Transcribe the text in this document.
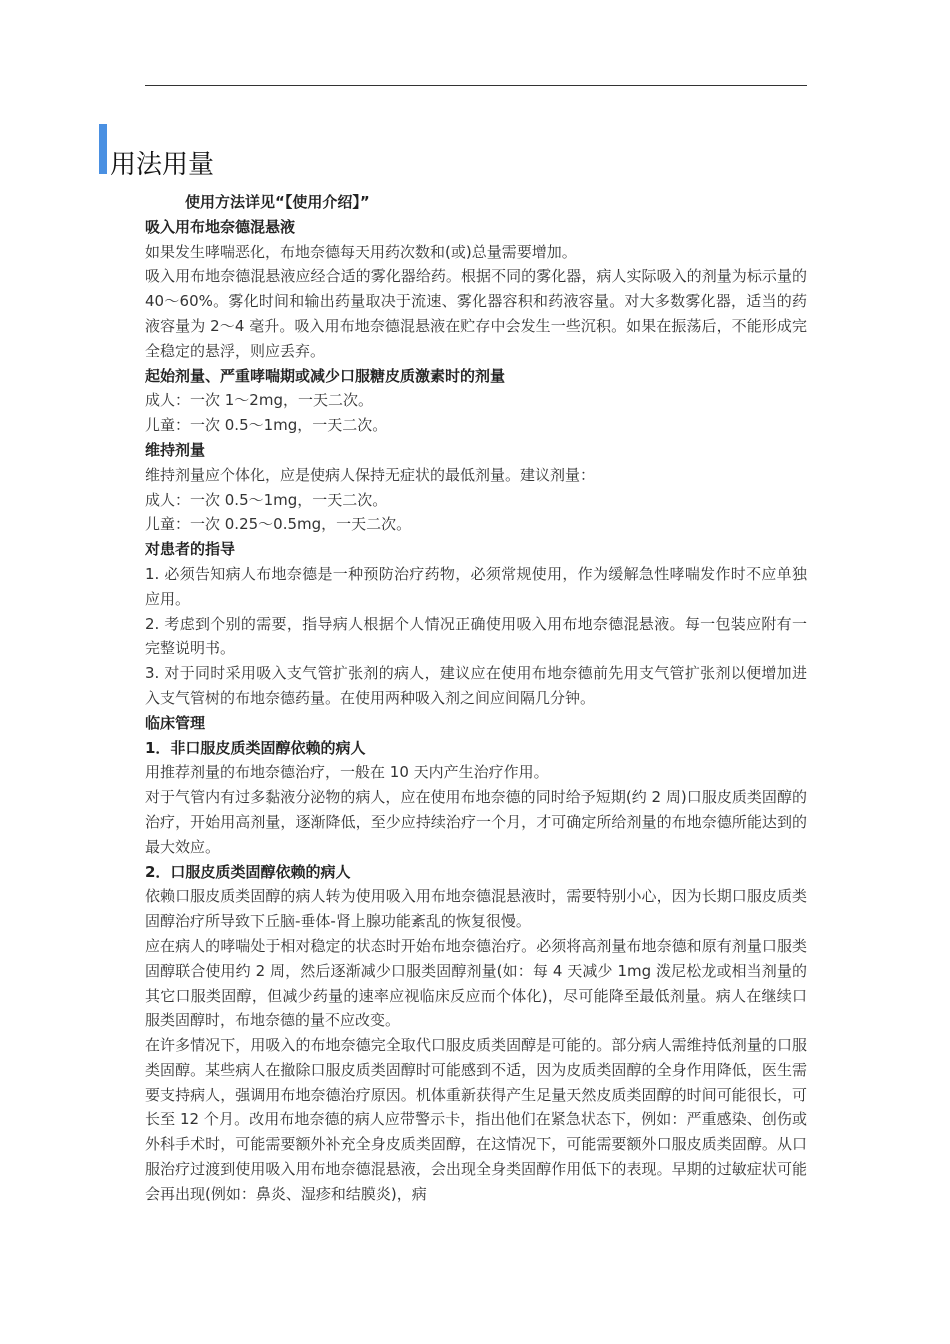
用法用量

使用方法详见“【使用介绍】”

吸入用布地奈德混悬液

如果发生哮喘恶化，布地奈德每天用药次数和(或)总量需要增加。

吸入用布地奈德混悬液应经合适的雾化器给药。根据不同的雾化器，病人实际吸入的剂量为标示量的 40～60%。雾化时间和输出药量取决于流速、雾化器容积和药液容量。对大多数雾化器，适当的药液容量为 2～4 毫升。吸入用布地奈德混悬液在贮存中会发生一些沉积。如果在振荡后，不能形成完全稳定的悬浮，则应丢弃。

起始剂量、严重哮喘期或减少口服糖皮质激素时的剂量

成人：一次 1～2mg，一天二次。

儿童：一次 0.5～1mg，一天二次。

维持剂量

维持剂量应个体化，应是使病人保持无症状的最低剂量。建议剂量：

成人：一次 0.5～1mg，一天二次。

儿童：一次 0.25～0.5mg，一天二次。

对患者的指导

1. 必须告知病人布地奈德是一种预防治疗药物，必须常规使用，作为缓解急性哮喘发作时不应单独应用。

2. 考虑到个别的需要，指导病人根据个人情况正确使用吸入用布地奈德混悬液。每一包装应附有一完整说明书。

3. 对于同时采用吸入支气管扩张剂的病人，建议应在使用布地奈德前先用支气管扩张剂以便增加进入支气管树的布地奈德药量。在使用两种吸入剂之间应间隔几分钟。

临床管理

1．非口服皮质类固醇依赖的病人

用推荐剂量的布地奈德治疗，一般在 10 天内产生治疗作用。

对于气管内有过多黏液分泌物的病人，应在使用布地奈德的同时给予短期(约 2 周)口服皮质类固醇的治疗，开始用高剂量，逐渐降低，至少应持续治疗一个月，才可确定所给剂量的布地奈德所能达到的最大效应。

2．口服皮质类固醇依赖的病人

依赖口服皮质类固醇的病人转为使用吸入用布地奈德混悬液时，需要特别小心，因为长期口服皮质类固醇治疗所导致下丘脑-垂体-肾上腺功能紊乱的恢复很慢。

应在病人的哮喘处于相对稳定的状态时开始布地奈德治疗。必须将高剂量布地奈德和原有剂量口服类固醇联合使用约 2 周，然后逐渐减少口服类固醇剂量(如：每 4 天减少 1mg 泼尼松龙或相当剂量的其它口服类固醇，但减少药量的速率应视临床反应而个体化)，尽可能降至最低剂量。病人在继续口服类固醇时，布地奈德的量不应改变。

在许多情况下，用吸入的布地奈德完全取代口服皮质类固醇是可能的。部分病人需维持低剂量的口服类固醇。某些病人在撤除口服皮质类固醇时可能感到不适，因为皮质类固醇的全身作用降低，医生需要支持病人，强调用布地奈德治疗原因。机体重新获得产生足量天然皮质类固醇的时间可能很长，可长至 12 个月。改用布地奈德的病人应带警示卡，指出他们在紧急状态下，例如：严重感染、创伤或外科手术时，可能需要额外补充全身皮质类固醇，在这情况下，可能需要额外口服皮质类固醇。从口服治疗过渡到使用吸入用布地奈德混悬液，会出现全身类固醇作用低下的表现。早期的过敏症状可能会再出现(例如：鼻炎、湿疹和结膜炎)，病
